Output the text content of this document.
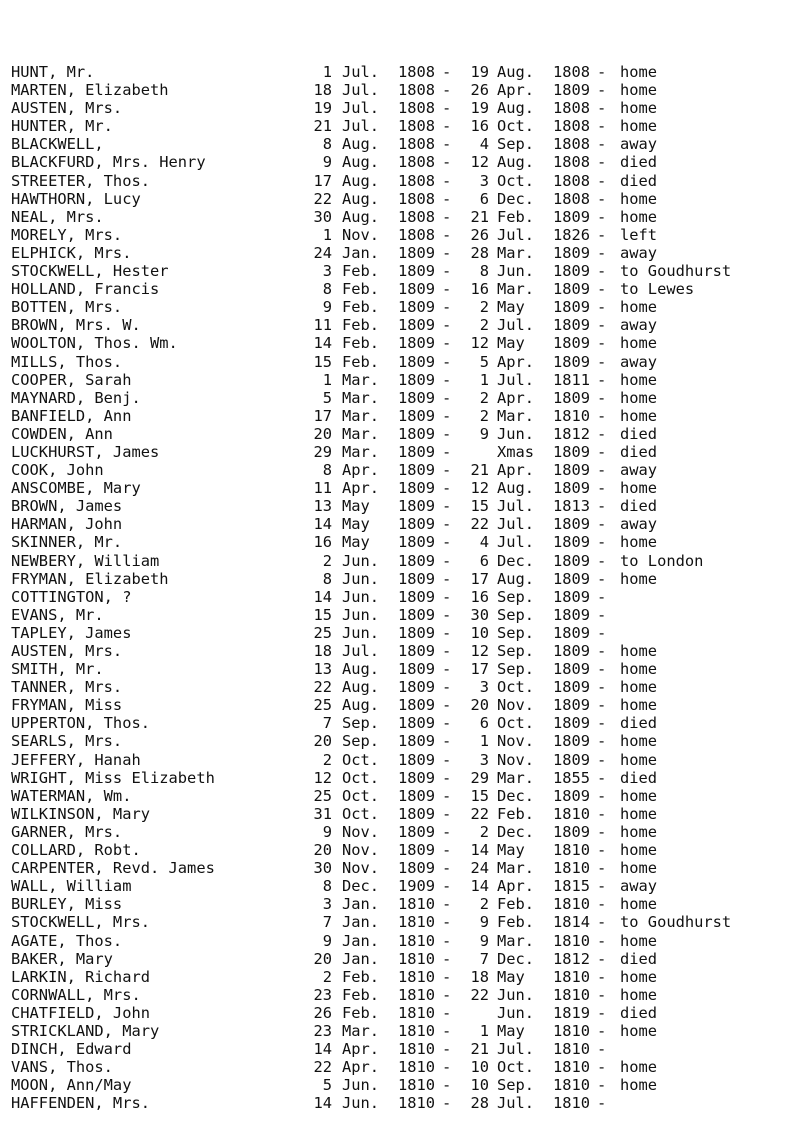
HUNT, Mr.	1 Jul. 1808 -	19 Aug. 1808 - home
MARTEN, Elizabeth	18 Jul. 1808 -	26 Apr. 1809 - home
AUSTEN, Mrs.	19 Jul. 1808 -	19 Aug. 1808 - home
HUNTER, Mr.	21 Jul. 1808 -	16 Oct. 1808 - home
BLACKWELL,	8 Aug. 1808 -	4 Sep. 1808 - away
BLACKFURD, Mrs. Henry	9 Aug. 1808 -	12 Aug. 1808 - died
STREETER, Thos.	17 Aug. 1808 -	3 Oct. 1808 - died
HAWTHORN, Lucy	22 Aug. 1808 -	6 Dec. 1808 - home
NEAL, Mrs.	30 Aug. 1808 -	21 Feb. 1809 - home
MORELY, Mrs.	1 Nov. 1808 -	26 Jul. 1826 - left
ELPHICK, Mrs.	24 Jan. 1809 -	28 Mar. 1809 - away
STOCKWELL, Hester	3 Feb. 1809 -	8 Jun. 1809 - to Goudhurst
HOLLAND, Francis	8 Feb. 1809 -	16 Mar. 1809 - to Lewes
BOTTEN, Mrs.	9 Feb. 1809 -	2 May 1809 - home
BROWN, Mrs. W.	11 Feb. 1809 -	2 Jul. 1809 - away
WOOLTON, Thos. Wm.	14 Feb. 1809 -	12 May 1809 - home
MILLS, Thos.	15 Feb. 1809 -	5 Apr. 1809 - away
COOPER, Sarah	1 Mar. 1809 -	1 Jul. 1811 - home
MAYNARD, Benj.	5 Mar. 1809 -	2 Apr. 1809 - home
BANFIELD, Ann	17 Mar. 1809 -	2 Mar. 1810 - home
COWDEN, Ann	20 Mar. 1809 -	9 Jun. 1812 - died
LUCKHURST, James	29 Mar. 1809 -	Xmas 1809 - died
COOK, John	8 Apr. 1809 -	21 Apr. 1809 - away
ANSCOMBE, Mary	11 Apr. 1809 -	12 Aug. 1809 - home
BROWN, James	13 May 1809 -	15 Jul. 1813 - died
HARMAN, John	14 May 1809 -	22 Jul. 1809 - away
SKINNER, Mr.	16 May 1809 -	4 Jul. 1809 - home
NEWBERY, William	2 Jun. 1809 -	6 Dec. 1809 - to London
FRYMAN, Elizabeth	8 Jun. 1809 -	17 Aug. 1809 - home
COTTINGTON, ?	14 Jun. 1809 -	16 Sep. 1809 -
EVANS, Mr.	15 Jun. 1809 -	30 Sep. 1809 -
TAPLEY, James	25 Jun. 1809 -	10 Sep. 1809 -
AUSTEN, Mrs.	18 Jul. 1809 -	12 Sep. 1809 - home
SMITH, Mr.	13 Aug. 1809 -	17 Sep. 1809 - home
TANNER, Mrs.	22 Aug. 1809 -	3 Oct. 1809 - home
FRYMAN, Miss	25 Aug. 1809 -	20 Nov. 1809 - home
UPPERTON, Thos.	7 Sep. 1809 -	6 Oct. 1809 - died
SEARLS, Mrs.	20 Sep. 1809 -	1 Nov. 1809 - home
JEFFERY, Hanah	2 Oct. 1809 -	3 Nov. 1809 - home
WRIGHT, Miss Elizabeth	12 Oct. 1809 -	29 Mar. 1855 - died
WATERMAN, Wm.	25 Oct. 1809 -	15 Dec. 1809 - home
WILKINSON, Mary	31 Oct. 1809 -	22 Feb. 1810 - home
GARNER, Mrs.	9 Nov. 1809 -	2 Dec. 1809 - home
COLLARD, Robt.	20 Nov. 1809 -	14 May 1810 - home
CARPENTER, Revd. James	30 Nov. 1809 -	24 Mar. 1810 - home
WALL, William	8 Dec. 1909 -	14 Apr. 1815 - away
BURLEY, Miss	3 Jan. 1810 -	2 Feb. 1810 - home
STOCKWELL, Mrs.	7 Jan. 1810 -	9 Feb. 1814 - to Goudhurst
AGATE, Thos.	9 Jan. 1810 -	9 Mar. 1810 - home
BAKER, Mary	20 Jan. 1810 -	7 Dec. 1812 - died
LARKIN, Richard	2 Feb. 1810 -	18 May 1810 - home
CORNWALL, Mrs.	23 Feb. 1810 -	22 Jun. 1810 - home
CHATFIELD, John	26 Feb. 1810 -	Jun. 1819 - died
STRICKLAND, Mary	23 Mar. 1810 -	1 May 1810 - home
DINCH, Edward	14 Apr. 1810 -	21 Jul. 1810 -
VANS, Thos.	22 Apr. 1810 -	10 Oct. 1810 - home
MOON, Ann/May	5 Jun. 1810 -	10 Sep. 1810 - home
HAFFENDEN, Mrs.	14 Jun. 1810 -	28 Jul. 1810 -
